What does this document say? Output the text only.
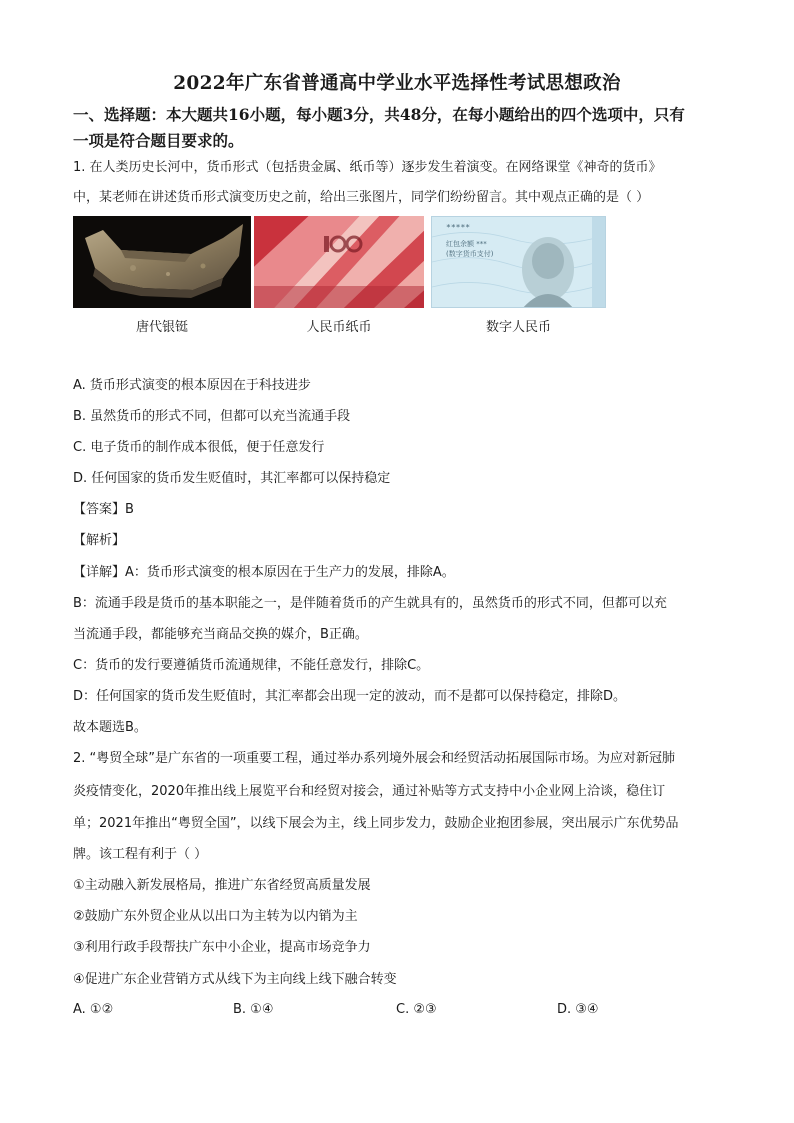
2022年广东省普通高中学业水平选择性考试思想政治
一、选择题：本大题共16小题，每小题3分，共48分，在每小题给出的四个选项中，只有
一项是符合题目要求的。
1. 在人类历史长河中，货币形式（包括贵金属、纸币等）逐步发生着演变。在网络课堂《神奇的货币》
中，某老师在讲述货币形式演变历史之前，给出三张图片，同学们纷纷留言。其中观点正确的是（ ）
唐代银铤	人民币纸币
*****
红包余额 ***
(数字货币支付)
数字人民币
A. 货币形式演变的根本原因在于科技进步
B. 虽然货币的形式不同，但都可以充当流通手段
C. 电子货币的制作成本很低，便于任意发行
D. 任何国家的货币发生贬值时，其汇率都可以保持稳定
【答案】B
【解析】
【详解】A：货币形式演变的根本原因在于生产力的发展，排除A。
B：流通手段是货币的基本职能之一，是伴随着货币的产生就具有的，虽然货币的形式不同，但都可以充
当流通手段，都能够充当商品交换的媒介，B正确。
C：货币的发行要遵循货币流通规律，不能任意发行，排除C。
D：任何国家的货币发生贬值时，其汇率都会出现一定的波动，而不是都可以保持稳定，排除D。
故本题选B。
2. “粤贸全球”是广东省的一项重要工程，通过举办系列境外展会和经贸活动拓展国际市场。为应对新冠肺
炎疫情变化，2020年推出线上展览平台和经贸对接会，通过补贴等方式支持中小企业网上洽谈，稳住订
单；2021年推出“粤贸全国”，以线下展会为主，线上同步发力，鼓励企业抱团参展，突出展示广东优势品
牌。该工程有利于（ ）
①主动融入新发展格局，推进广东省经贸高质量发展
②鼓励广东外贸企业从以出口为主转为以内销为主
③利用行政手段帮扶广东中小企业，提高市场竞争力
④促进广东企业营销方式从线下为主向线上线下融合转变
A. ①②	B. ①④	C. ②③	D. ③④
